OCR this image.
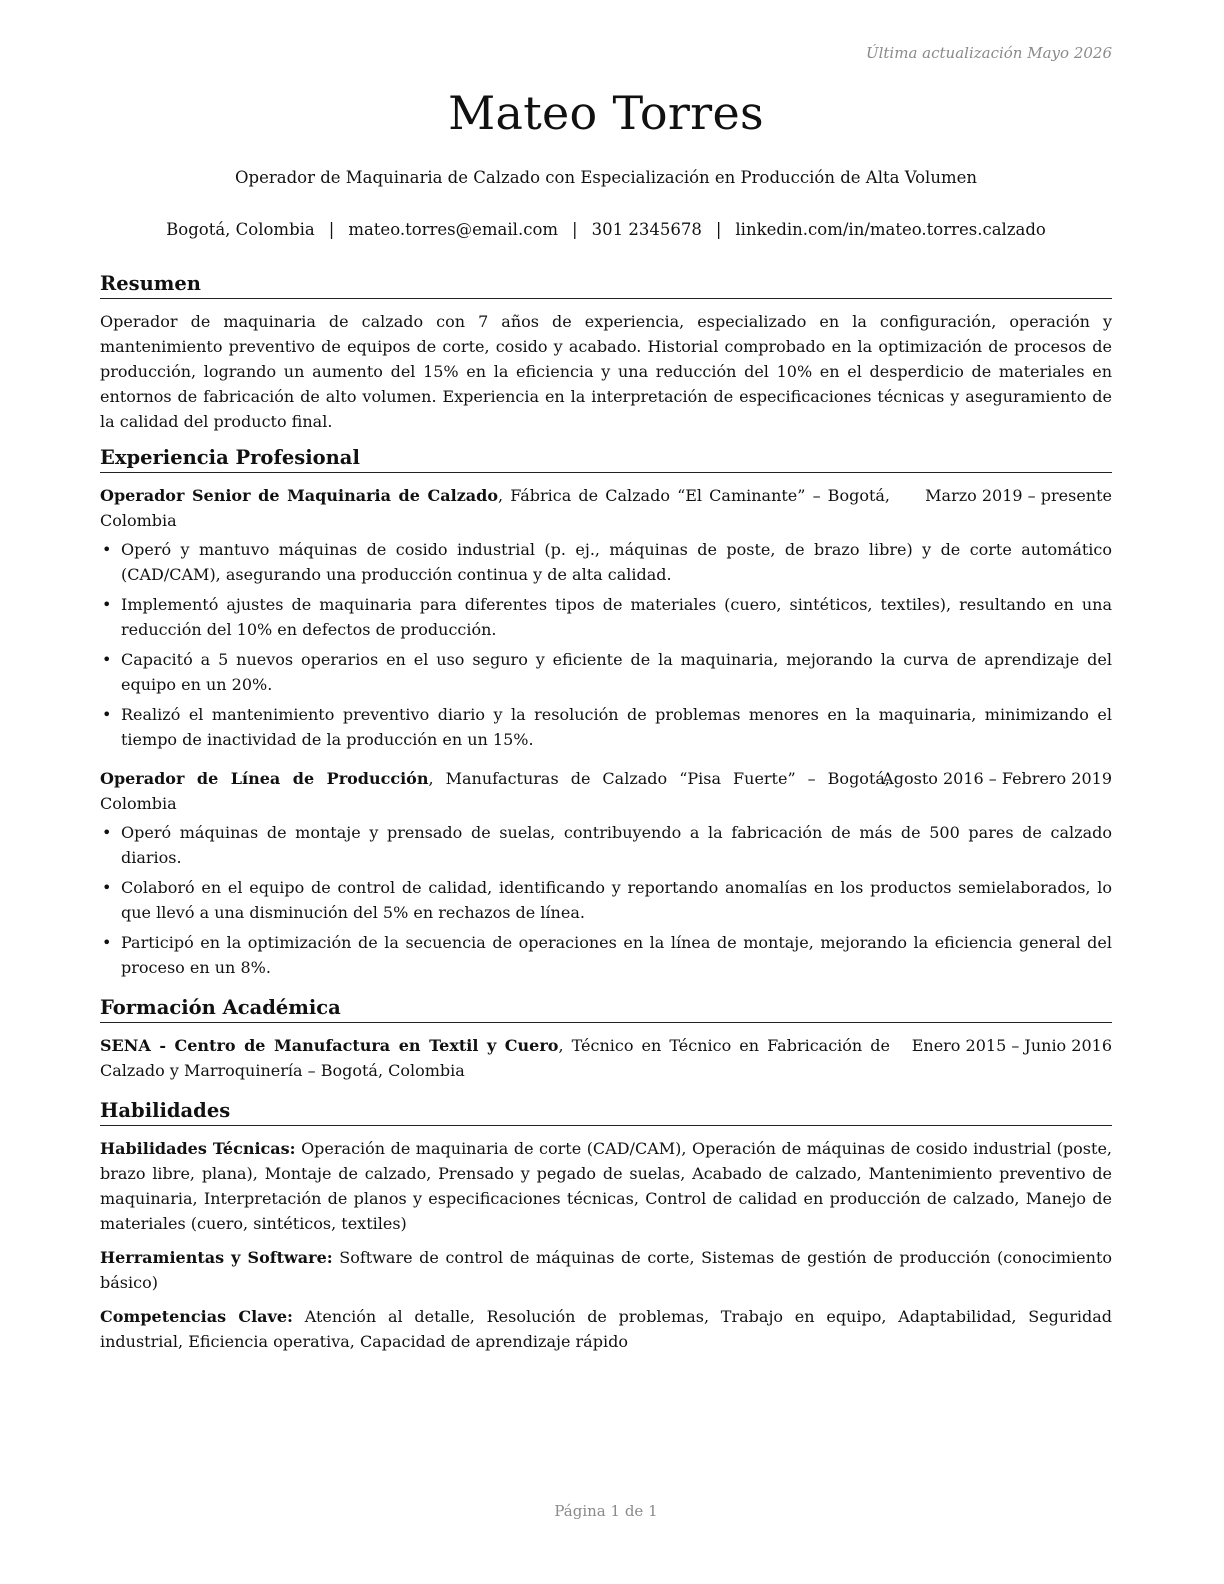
Última actualización Mayo 2026
Mateo Torres
Operador de Maquinaria de Calzado con Especialización en Producción de Alta Volumen
Bogotá, Colombia | mateo.torres@email.com | 301 2345678 | linkedin.com/in/mateo.torres.calzado
Resumen

Operador de maquinaria de calzado con 7 años de experiencia, especializado en la configuración, operación y mantenimiento preventivo de equipos de corte, cosido y acabado. Historial comprobado en la optimización de procesos de producción, logrando un aumento del 15% en la eficiencia y una reducción del 10% en el desperdicio de materiales en entornos de fabricación de alto volumen. Experiencia en la interpretación de especificaciones técnicas y aseguramiento de la calidad del producto final.

Experiencia Profesional
Operador Senior de Maquinaria de Calzado, Fábrica de Calzado “El Caminante” – Bogotá, Colombia
Marzo 2019 – presente
• Operó y mantuvo máquinas de cosido industrial (p. ej., máquinas de poste, de brazo libre) y de corte automático (CAD/CAM), asegurando una producción continua y de alta calidad.
• Implementó ajustes de maquinaria para diferentes tipos de materiales (cuero, sintéticos, textiles), resultando en una reducción del 10% en defectos de producción.
• Capacitó a 5 nuevos operarios en el uso seguro y eficiente de la maquinaria, mejorando la curva de aprendizaje del equipo en un 20%.
• Realizó el mantenimiento preventivo diario y la resolución de problemas menores en la maquinaria, minimizando el tiempo de inactividad de la producción en un 15%.
Operador de Línea de Producción, Manufacturas de Calzado “Pisa Fuerte” – Bogotá, Colombia
Agosto 2016 – Febrero 2019
• Operó máquinas de montaje y prensado de suelas, contribuyendo a la fabricación de más de 500 pares de calzado diarios.
• Colaboró en el equipo de control de calidad, identificando y reportando anomalías en los productos semielaborados, lo que llevó a una disminución del 5% en rechazos de línea.
• Participó en la optimización de la secuencia de operaciones en la línea de montaje, mejorando la eficiencia general del proceso en un 8%.
Formación Académica
SENA - Centro de Manufactura en Textil y Cuero, Técnico en Técnico en Fabricación de Calzado y Marroquinería – Bogotá, Colombia
Enero 2015 – Junio 2016
Habilidades

Habilidades Técnicas: Operación de maquinaria de corte (CAD/CAM), Operación de máquinas de cosido industrial (poste, brazo libre, plana), Montaje de calzado, Prensado y pegado de suelas, Acabado de calzado, Mantenimiento preventivo de maquinaria, Interpretación de planos y especificaciones técnicas, Control de calidad en producción de calzado, Manejo de materiales (cuero, sintéticos, textiles)

Herramientas y Software: Software de control de máquinas de corte, Sistemas de gestión de producción (conocimiento básico)

Competencias Clave: Atención al detalle, Resolución de problemas, Trabajo en equipo, Adaptabilidad, Seguridad industrial, Eficiencia operativa, Capacidad de aprendizaje rápido

Página 1 de 1
